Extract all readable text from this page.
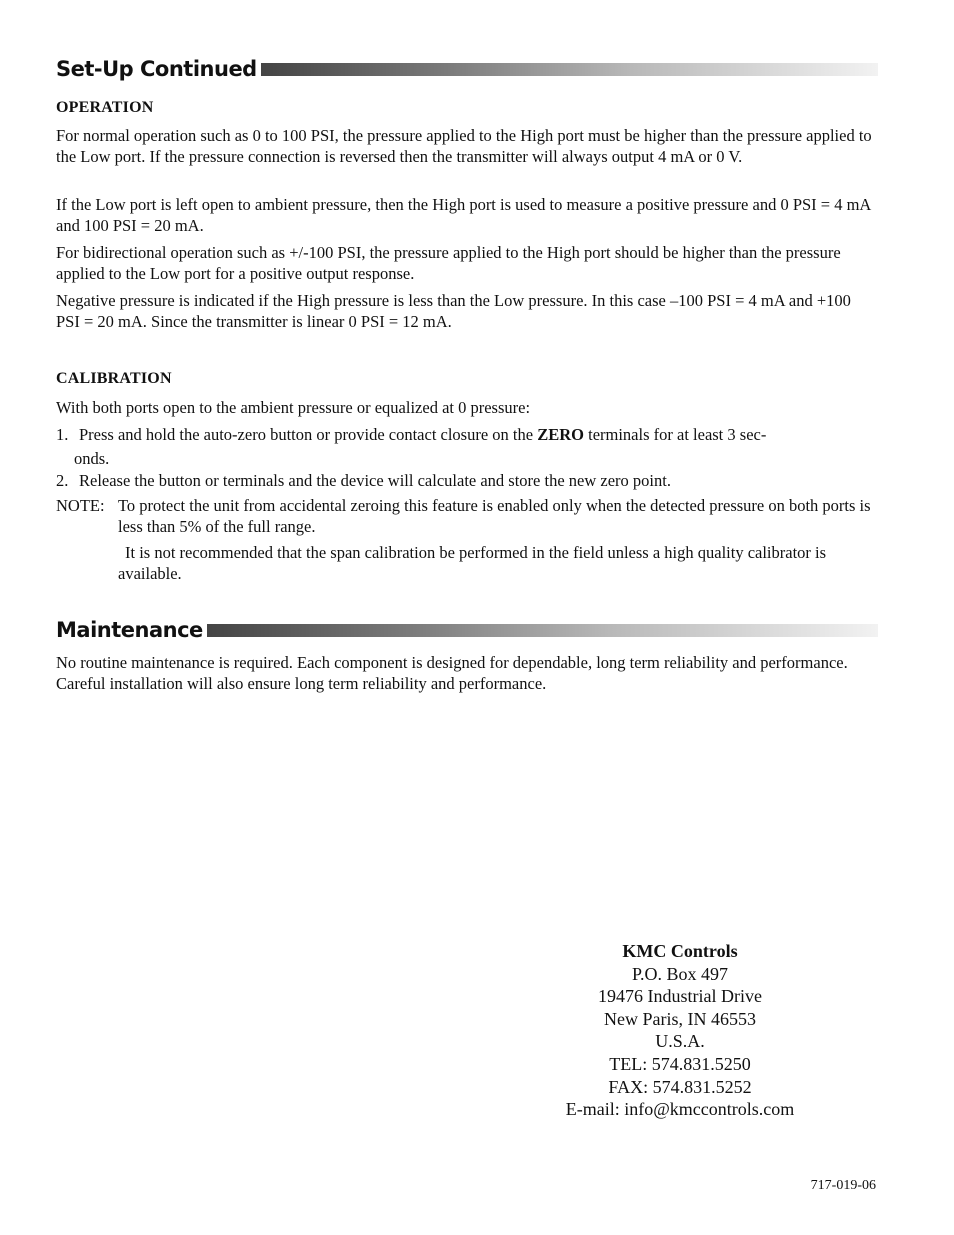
Set-Up Continued
OPERATION

For normal operation such as 0 to 100 PSI, the pressure applied to the High port must be higher than the pressure applied to the Low port. If the pressure connection is reversed then the transmitter will always output 4 mA or 0 V.

If the Low port is left open to ambient pressure, then the High port is used to measure a positive pressure and 0 PSI = 4 mA and 100 PSI = 20 mA.

For bidirectional operation such as +/-100 PSI, the pressure applied to the High port should be higher than the pressure applied to the Low port for a positive output response.

Negative pressure is indicated if the High pressure is less than the Low pressure. In this case –100 PSI = 4 mA and +100 PSI = 20 mA. Since the transmitter is linear 0 PSI = 12 mA.

CALIBRATION

With both ports open to the ambient pressure or equalized at 0 pressure:

1. Press and hold the auto-zero button or provide contact closure on the ZERO terminals for at least 3 sec-
onds.
2. Release the button or terminals and the device will calculate and store the new zero point.
NOTE: To protect the unit from accidental zeroing this feature is enabled only when the detected pressure on both ports is less than 5% of the full range.
It is not recommended that the span calibration be performed in the field unless a high quality calibrator is available.
Maintenance

No routine maintenance is required. Each component is designed for dependable, long term reliability and performance. Careful installation will also ensure long term reliability and performance.

KMC Controls
P.O. Box 497
19476 Industrial Drive
New Paris, IN 46553
U.S.A.
TEL: 574.831.5250
FAX: 574.831.5252
E-mail: info@kmccontrols.com
717-019-06
